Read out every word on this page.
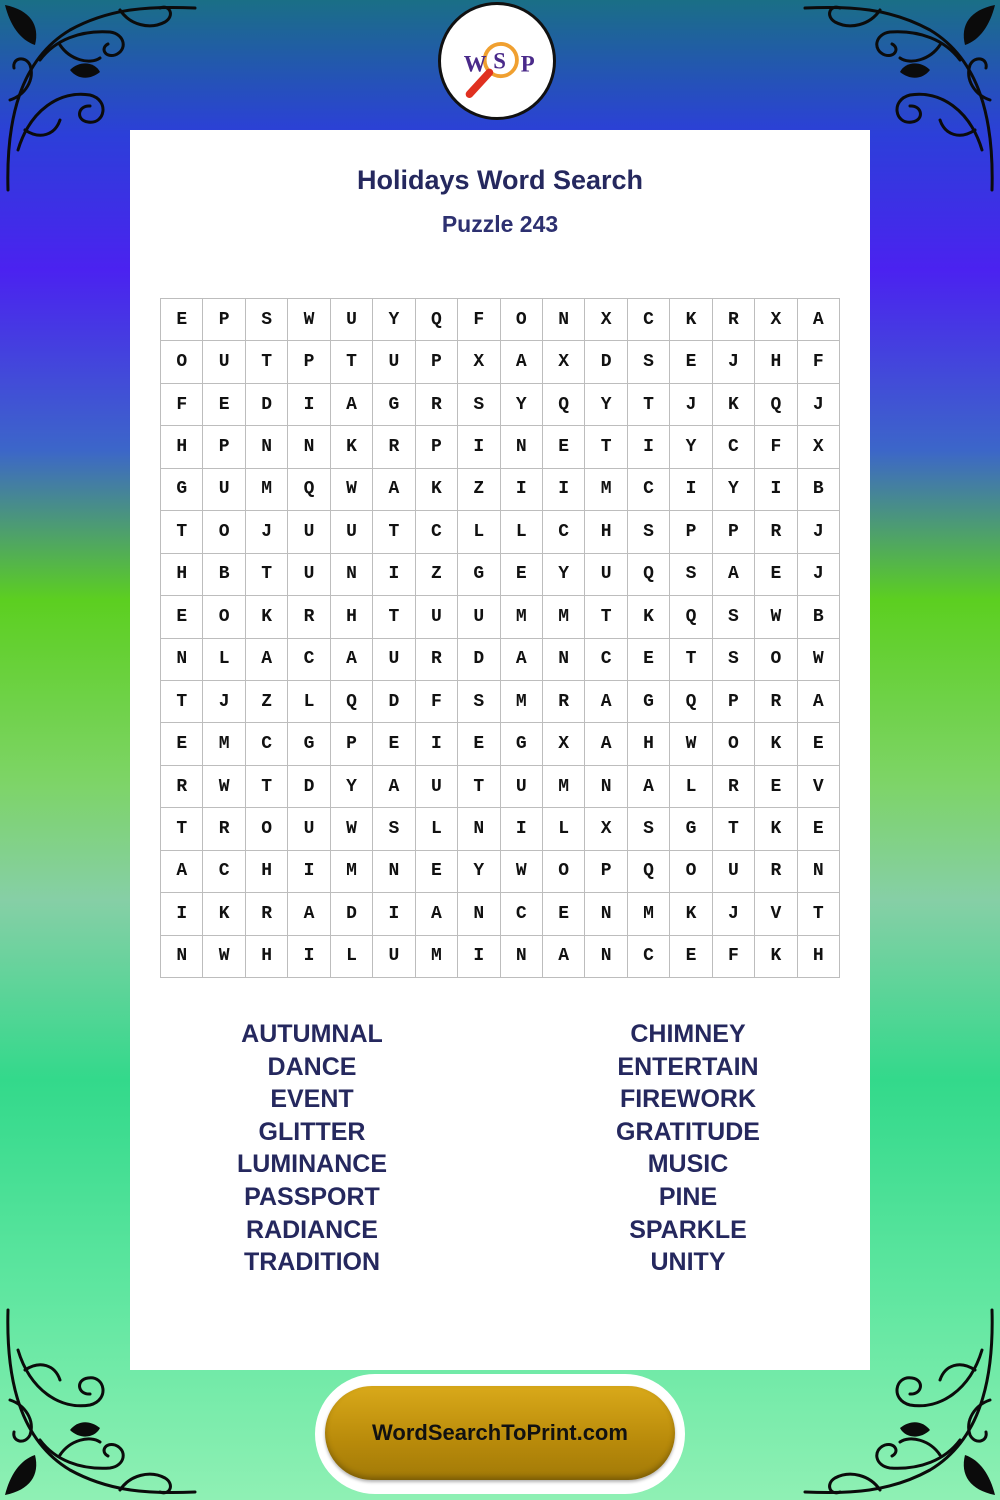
W S P
Holidays Word Search
Puzzle 243
E	P	S	W	U	Y	Q	F	O	N	X	C	K	R	X	A
O	U	T	P	T	U	P	X	A	X	D	S	E	J	H	F
F	E	D	I	A	G	R	S	Y	Q	Y	T	J	K	Q	J
H	P	N	N	K	R	P	I	N	E	T	I	Y	C	F	X
G	U	M	Q	W	A	K	Z	I	I	M	C	I	Y	I	B
T	O	J	U	U	T	C	L	L	C	H	S	P	P	R	J
H	B	T	U	N	I	Z	G	E	Y	U	Q	S	A	E	J
E	O	K	R	H	T	U	U	M	M	T	K	Q	S	W	B
N	L	A	C	A	U	R	D	A	N	C	E	T	S	O	W
T	J	Z	L	Q	D	F	S	M	R	A	G	Q	P	R	A
E	M	C	G	P	E	I	E	G	X	A	H	W	O	K	E
R	W	T	D	Y	A	U	T	U	M	N	A	L	R	E	V
T	R	O	U	W	S	L	N	I	L	X	S	G	T	K	E
A	C	H	I	M	N	E	Y	W	O	P	Q	O	U	R	N
I	K	R	A	D	I	A	N	C	E	N	M	K	J	V	T
N	W	H	I	L	U	M	I	N	A	N	C	E	F	K	H
AUTUMNAL
DANCE
EVENT
GLITTER
LUMINANCE
PASSPORT
RADIANCE
TRADITION
CHIMNEY
ENTERTAIN
FIREWORK
GRATITUDE
MUSIC
PINE
SPARKLE
UNITY
WordSearchToPrint.com
